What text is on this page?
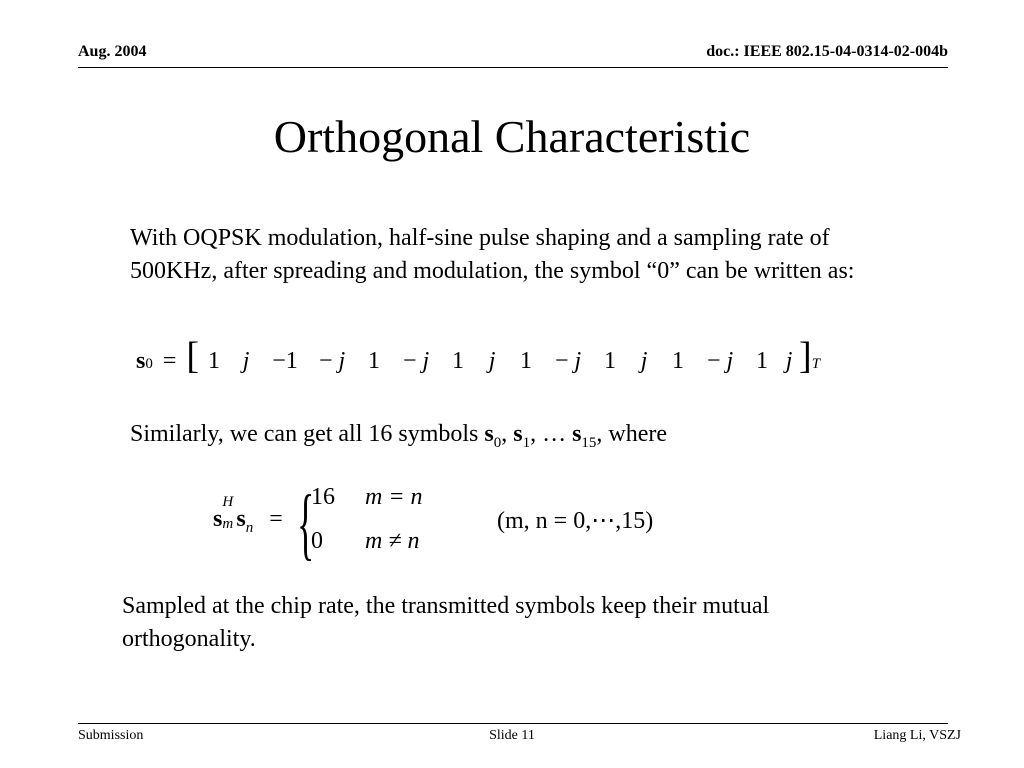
Aug. 2004	doc.: IEEE 802.15-04-0314-02-004b
Orthogonal Characteristic
With OQPSK modulation, half-sine pulse shaping and a sampling rate of 500KHz, after spreading and modulation, the symbol “0” can be written as:
s 0 = [ 1 j −1 − j 1 − j 1	j	1 − j 1	j	1 − j 1 j ] T
Similarly, we can get all 16 symbols $s_0$, $s_1$, … $s_{15}$, where
s
H
m $s_n$ = {
16 m = n
0 m ≠ n
(m, n = 0,⋯,15)
Sampled at the chip rate, the transmitted symbols keep their mutual orthogonality.
Submission	Slide 11	Liang Li, VSZJ
